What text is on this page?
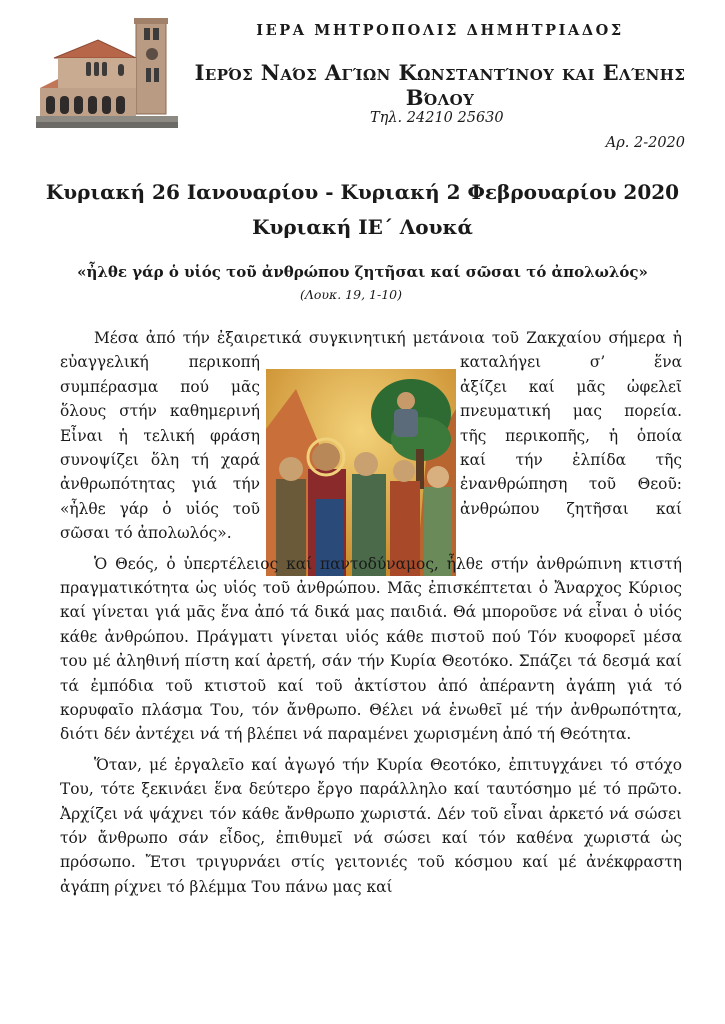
ΙΕΡΑ ΜΗΤΡΟΠΟΛΙΣ ΔΗΜΗΤΡΙΑΔΟΣ
Ιερός Ναός Αγίων Κωνσταντίνου και Ελένης Βόλου
Τηλ. 24210 25630
Αρ. 2-2020
Κυριακή 26 Ιανουαρίου - Κυριακή 2 Φεβρουαρίου 2020
Κυριακή ΙΕ΄ Λουκά
«ἦλθε γάρ ὁ υἱός τοῦ ἀνθρώπου ζητῆσαι καί σῶσαι τό ἀπολωλός»
(Λουκ. 19, 1-10)
Μέσα ἀπό τήν ἐξαιρετικά συγκινητική μετάνοια τοῦ Ζακχαίου σήμερα ἡ
εὐαγγελική περικοπή	καταλήγει σ’ ἕνα
συμπέρασμα πού μᾶς	ἀξίζει καί μᾶς ὠφελεῖ
ὅλους στήν καθημερινή	πνευματική μας πορεία.
Εἶναι ἡ τελική φράση	τῆς περικοπῆς, ἡ ὁποία
συνοψίζει ὅλη τή χαρά	καί τήν ἐλπίδα τῆς
ἀνθρωπότητας γιά τήν	ἐνανθρώπηση τοῦ Θεοῦ:
«ἦλθε γάρ ὁ υἱός τοῦ	ἀνθρώπου ζητῆσαι καί
σῶσαι τό ἀπολωλός».

Ὁ Θεός, ὁ ὑπερτέλειος καί παντοδύναμος, ἦλθε στήν ἀνθρώπινη κτιστή πραγματικότητα ὡς υἱός τοῦ ἀνθρώπου. Μᾶς ἐπισκέπτεται ὁ Ἄναρχος Κύριος καί γίνεται γιά μᾶς ἕνα ἀπό τά δικά μας παιδιά. Θά μποροῦσε νά εἶναι ὁ υἱός κάθε ἀνθρώπου. Πράγματι γίνεται υἱός κάθε πιστοῦ πού Τόν κυοφορεῖ μέσα του μέ ἀληθινή πίστη καί ἀρετή, σάν τήν Κυρία Θεοτόκο. Σπάζει τά δεσμά καί τά ἐμπόδια τοῦ κτιστοῦ καί τοῦ ἀκτίστου ἀπό ἀπέραντη ἀγάπη γιά τό κορυφαῖο πλάσμα Του, τόν ἄνθρωπο. Θέλει νά ἑνωθεῖ μέ τήν ἀνθρωπότητα, διότι δέν ἀντέχει νά τή βλέπει νά παραμένει χωρισμένη ἀπό τή Θεότητα.

Ὅταν, μέ ἐργαλεῖο καί ἀγωγό τήν Κυρία Θεοτόκο, ἐπιτυγχάνει τό στόχο Του, τότε ξεκινάει ἕνα δεύτερο ἔργο παράλληλο καί ταυτόσημο μέ τό πρῶτο. Ἀρχίζει νά ψάχνει τόν κάθε ἄνθρωπο χωριστά. Δέν τοῦ εἶναι ἀρκετό νά σώσει τόν ἄνθρωπο σάν εἶδος, ἐπιθυμεῖ νά σώσει καί τόν καθένα χωριστά ὡς πρόσωπο. Ἔτσι τριγυρνάει στίς γειτονιές τοῦ κόσμου καί μέ ἀνέκφραστη ἀγάπη ρίχνει τό βλέμμα Του πάνω μας καί
